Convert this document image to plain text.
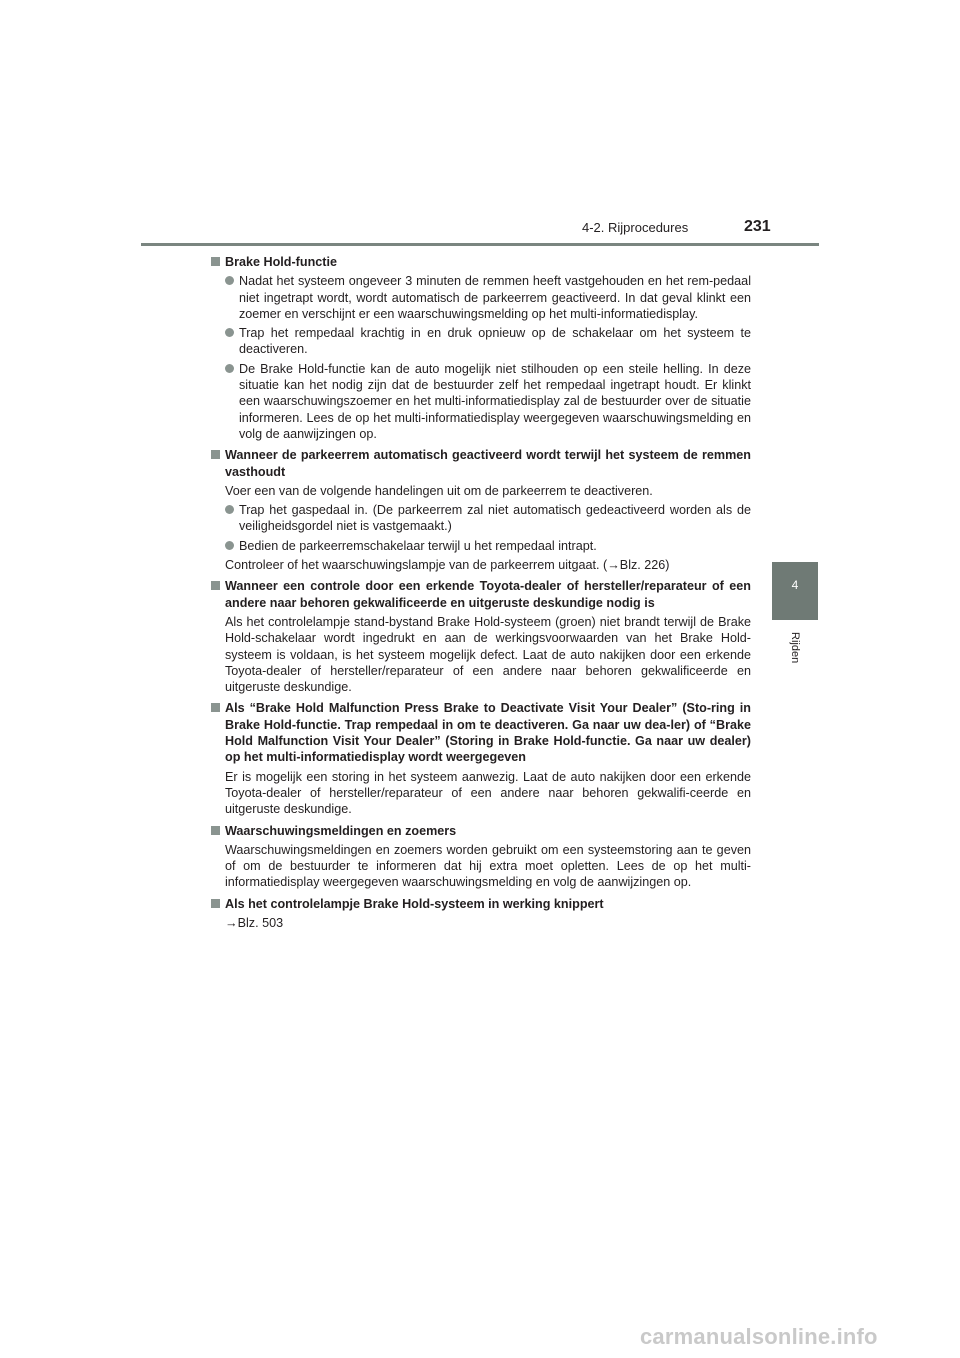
4-2. Rijprocedures	231
4
Rijden
Brake Hold-functie
Nadat het systeem ongeveer 3 minuten de remmen heeft vastgehouden en het rem-pedaal niet ingetrapt wordt, wordt automatisch de parkeerrem geactiveerd. In dat geval klinkt een zoemer en verschijnt er een waarschuwingsmelding op het multi-informatiedisplay.
Trap het rempedaal krachtig in en druk opnieuw op de schakelaar om het systeem te deactiveren.
De Brake Hold-functie kan de auto mogelijk niet stilhouden op een steile helling. In deze situatie kan het nodig zijn dat de bestuurder zelf het rempedaal ingetrapt houdt. Er klinkt een waarschuwingszoemer en het multi-informatiedisplay zal de bestuurder over de situatie informeren. Lees de op het multi-informatiedisplay weergegeven waarschuwingsmelding en volg de aanwijzingen op.
Wanneer de parkeerrem automatisch geactiveerd wordt terwijl het systeem de remmen vasthoudt
Voer een van de volgende handelingen uit om de parkeerrem te deactiveren.
Trap het gaspedaal in. (De parkeerrem zal niet automatisch gedeactiveerd worden als de veiligheidsgordel niet is vastgemaakt.)
Bedien de parkeerremschakelaar terwijl u het rempedaal intrapt.
Controleer of het waarschuwingslampje van de parkeerrem uitgaat. (→Blz. 226)
Wanneer een controle door een erkende Toyota-dealer of hersteller/reparateur of een andere naar behoren gekwalificeerde en uitgeruste deskundige nodig is
Als het controlelampje stand-bystand Brake Hold-systeem (groen) niet brandt terwijl de Brake Hold-schakelaar wordt ingedrukt en aan de werkingsvoorwaarden van het Brake Hold-systeem is voldaan, is het systeem mogelijk defect. Laat de auto nakijken door een erkende Toyota-dealer of hersteller/reparateur of een andere naar behoren gekwalificeerde en uitgeruste deskundige.
Als “Brake Hold Malfunction Press Brake to Deactivate Visit Your Dealer” (Sto-ring in Brake Hold-functie. Trap rempedaal in om te deactiveren. Ga naar uw dea-ler) of “Brake Hold Malfunction Visit Your Dealer” (Storing in Brake Hold-functie. Ga naar uw dealer) op het multi-informatiedisplay wordt weergegeven
Er is mogelijk een storing in het systeem aanwezig. Laat de auto nakijken door een erkende Toyota-dealer of hersteller/reparateur of een andere naar behoren gekwalifi-ceerde en uitgeruste deskundige.
Waarschuwingsmeldingen en zoemers
Waarschuwingsmeldingen en zoemers worden gebruikt om een systeemstoring aan te geven of om de bestuurder te informeren dat hij extra moet opletten. Lees de op het multi-informatiedisplay weergegeven waarschuwingsmelding en volg de aanwijzingen op.
Als het controlelampje Brake Hold-systeem in werking knippert
→Blz. 503
carmanualsonline.info
